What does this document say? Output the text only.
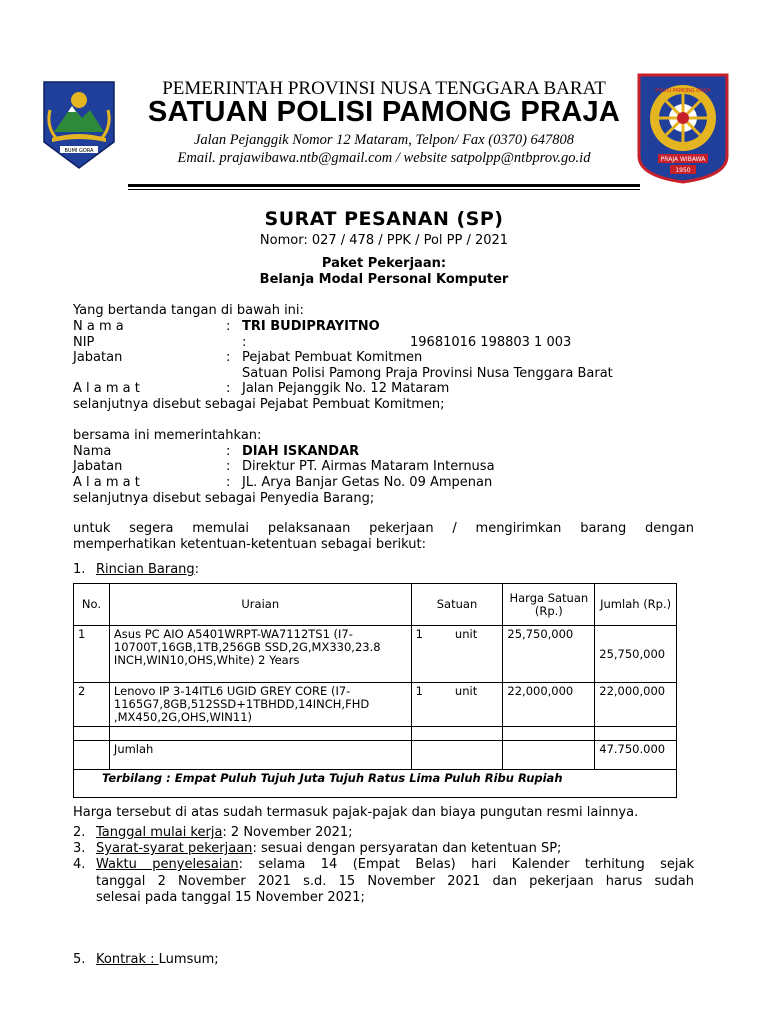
BUMI GORA
PEMERINTAH PROVINSI NUSA TENGGARA BARAT
SATUAN POLISI PAMONG PRAJA
Jalan Pejanggik Nomor 12 Mataram, Telpon/ Fax (0370) 647808
Email. prajawibawa.ntb@gmail.com / website satpolpp@ntbprov.go.id
POLISI PAMONG PRAJA
PRAJA WIBAWA
1950
SURAT PESANAN (SP)
Nomor: 027 / 478 / PPK / Pol PP / 2021
Paket Pekerjaan:
Belanja Modal Personal Komputer
Yang bertanda tangan di bawah ini:
N a m a	: TRI BUDIPRAYITNO
NIP	:	19681016 198803 1 003
Jabatan	: Pejabat Pembuat Komitmen
Satuan Polisi Pamong Praja Provinsi Nusa Tenggara Barat
A l a m a t	: Jalan Pejanggik No. 12 Mataram
selanjutnya disebut sebagai Pejabat Pembuat Komitmen;
bersama ini memerintahkan:
Nama	: DIAH ISKANDAR
Jabatan	: Direktur PT. Airmas Mataram Internusa
A l a m a t	: JL. Arya Banjar Getas No. 09 Ampenan
selanjutnya disebut sebagai Penyedia Barang;
untuk segera memulai pelaksanaan pekerjaan / mengirimkan barang dengan
memperhatikan ketentuan-ketentuan sebagai berikut:
1. Rincian Barang:
No.	Uraian	Satuan	Harga Satuan (Rp.)	Jumlah (Rp.)
1	Asus PC AIO A5401WRPT-WA7112TS1 (I7-10700T,16GB,1TB,256GB SSD,2G,MX330,23.8 INCH,WIN10,OHS,White) 2 Years	1 unit	25,750,000	25,750,000
2	Lenovo IP 3-14ITL6 UGID GREY CORE (I7-1165G7,8GB,512SSD+1TBHDD,14INCH,FHD ,MX450,2G,OHS,WIN11)	1 unit	22,000,000	22,000,000

	Jumlah			47.750.000
Terbilang : Empat Puluh Tujuh Juta Tujuh Ratus Lima Puluh Ribu Rupiah				
Harga tersebut di atas sudah termasuk pajak-pajak dan biaya pungutan resmi lainnya.
2. Tanggal mulai kerja: 2 November 2021;
3. Syarat-syarat pekerjaan: sesuai dengan persyaratan dan ketentuan SP;
4. Waktu penyelesaian: selama 14 (Empat Belas) hari Kalender terhitung sejak
tanggal 2 November 2021 s.d. 15 November 2021 dan pekerjaan harus sudah
selesai pada tanggal 15 November 2021;
5. Kontrak : Lumsum;
